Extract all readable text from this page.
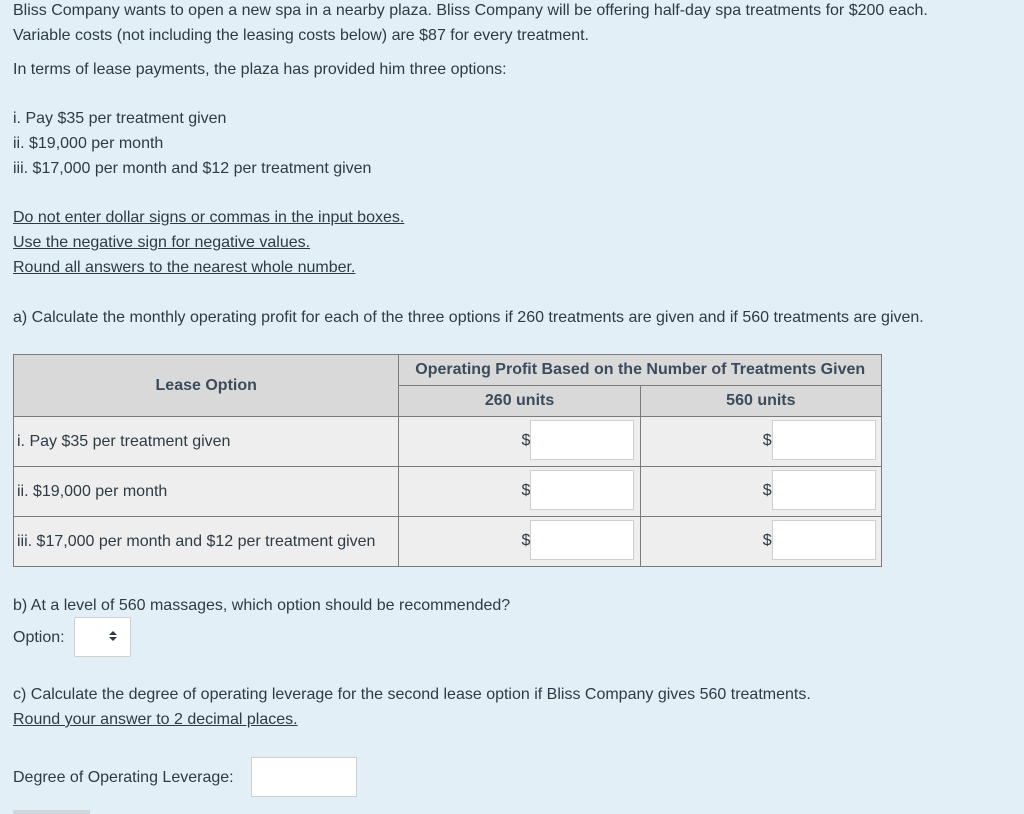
Bliss Company wants to open a new spa in a nearby plaza. Bliss Company will be offering half-day spa treatments for $200 each.

Variable costs (not including the leasing costs below) are $87 for every treatment.

In terms of lease payments, the plaza has provided him three options:

i. Pay $35 per treatment given

ii. $19,000 per month

iii. $17,000 per month and $12 per treatment given

Do not enter dollar signs or commas in the input boxes.

Use the negative sign for negative values.

Round all answers to the nearest whole number.

a) Calculate the monthly operating profit for each of the three options if 260 treatments are given and if 560 treatments are given.

Lease Option	Operating Profit Based on the Number of Treatments Given	
	260 units	560 units
i. Pay $35 per treatment given	$	$

ii. $19,000 per month	$	$

iii. $17,000 per month and $12 per treatment given	$	$

b) At a level of 560 massages, which option should be recommended?

Option:

c) Calculate the degree of operating leverage for the second lease option if Bliss Company gives 560 treatments.

Round your answer to 2 decimal places.

Degree of Operating Leverage:
